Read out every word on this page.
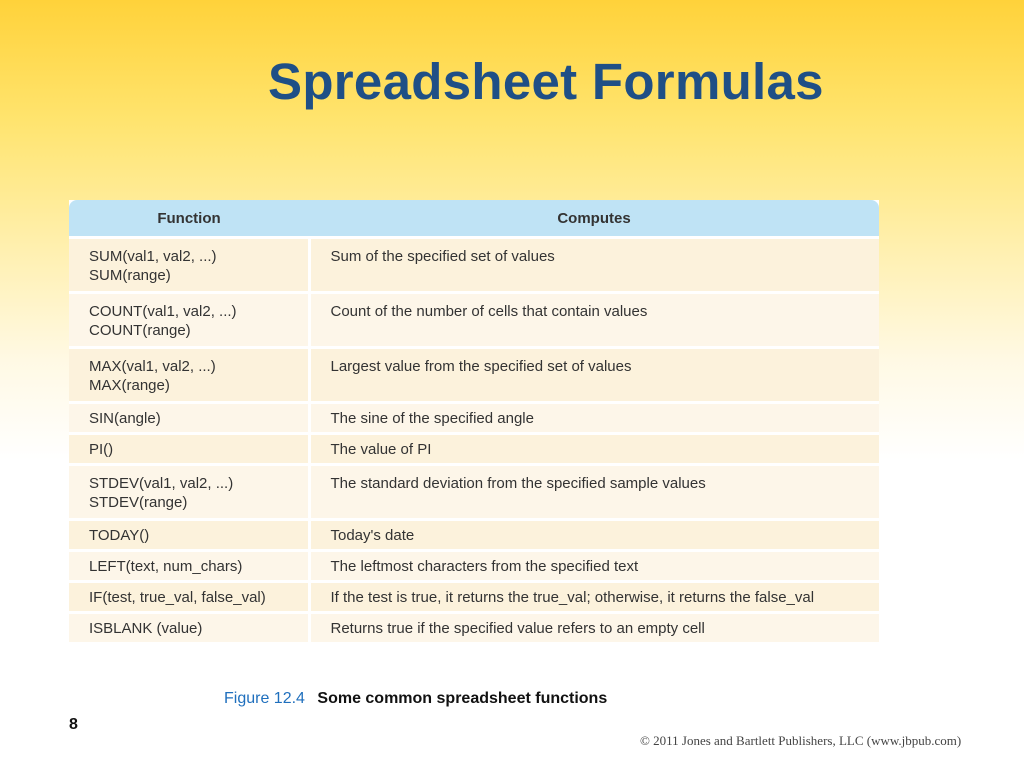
Spreadsheet Formulas
Function	Computes

SUM(val1, val2, ...)
SUM(range)	Sum of the specified set of values

COUNT(val1, val2, ...)
COUNT(range)	Count of the number of cells that contain values

MAX(val1, val2, ...)
MAX(range)	Largest value from the specified set of values

SIN(angle)	The sine of the specified angle

PI()	The value of PI

STDEV(val1, val2, ...)
STDEV(range)	The standard deviation from the specified sample values

TODAY()	Today's date

LEFT(text, num_chars)	The leftmost characters from the specified text

IF(test, true_val, false_val)	If the test is true, it returns the true_val; otherwise, it returns the false_val

ISBLANK (value)	Returns true if the specified value refers to an empty cell
Figure 12.4 Some common spreadsheet functions
8
© 2011 Jones and Bartlett Publishers, LLC (www.jbpub.com)
